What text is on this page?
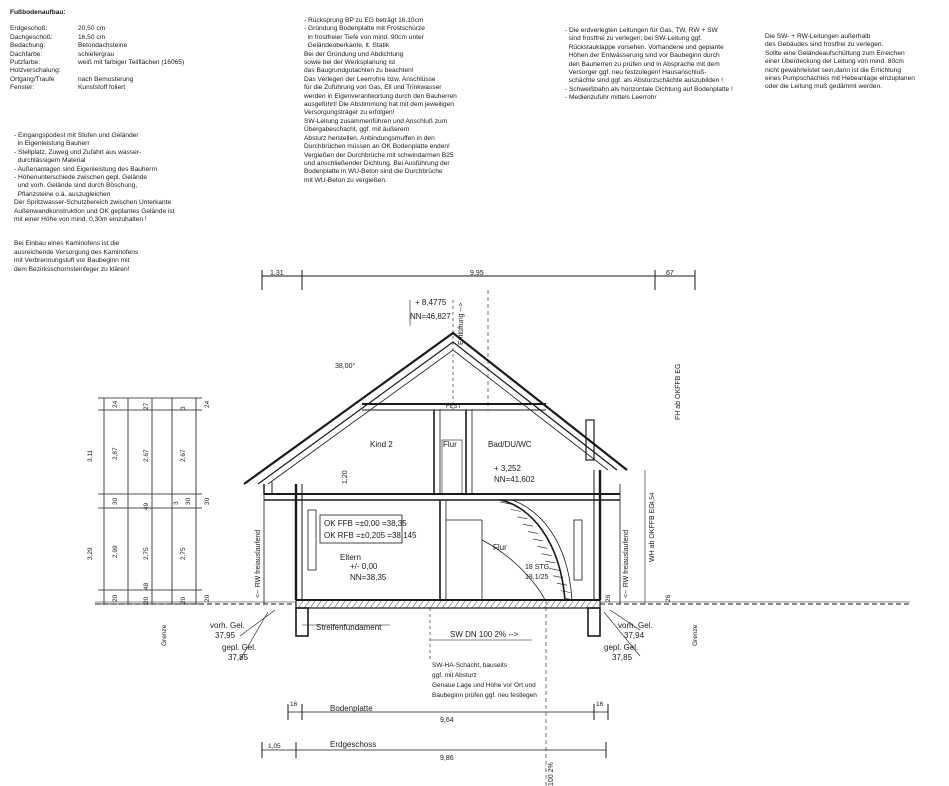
Fußbodenaufbau:
Erdgeschoß:	20,50 cm
Dachgeschoß:	16,50 cm
Bedachung:	Betondachsteine
Dachfarbe:	schiefergrau
Putzfarbe:	weiß mit farbiger Teilflächen (16065)
Holzverschalung:	
Ortgang/Traufe	nach Bemusterung
Fenster:	Kunststoff foliert
- Eingangspodest mit Stufen und Geländer
in Eigenleistung Bauherr
- Stellplatz, Zuweg und Zufahrt aus wasser-
durchlässigem Material
- Außenanlagen sind Eigenleistung des Bauherrn
- Höhenunterschiede zwischen gepl. Gelände
und vorh. Gelände sind durch Böschung,
Pflanzsteine o.ä. auszugleichen
Der Spritzwasser-Schutzbereich zwischen Unterkante
Außenwandkonstruktion und OK geplantes Gelände ist
mit einer Höhe von mind. 0,30m einzuhalten !
Bei Einbau eines Kaminofens ist die
ausreichende Versorgung des Kaminofens
mit Verbrennungsluft vor Baubeginn mit
dem Bezirksschornsteinfeger zu klären!
- Rücksprung BP zu EG beträgt 16,10cm
- Gründung Bodenplatte mit Frostschürze
in frostfreier Tiefe von mind. 90cm unter
Geländeoberkante, lt. Statik
Bei der Gründung und Abdichtung
sowie bei der Werksplanung ist
das Baugrundgutachten zu beachten!
Das Verlegen der Leerrohre bzw. Anschlüsse
für die Zuführung von Gas, Ell und Trinkwasser
werden in Eigenverantwortung durch den Bauherren
ausgeführt! Die Abstimmung hat mit dem jeweiligen
Versorgungsträger zu erfolgen!
SW-Leitung zusammenführen und Anschluß zum
Übergabeschacht, ggf. mit äußerem
Absturz herstellen. Anbindungsmuffen in den
Durchbrüchen müssen an OK Bodenplatte enden!
Vergießen der Durchbrüche mit schwindarmen B25
und anschließender Dichtung. Bei Ausführung der
Bodenplatte in WU-Beton sind die Durchbrüche
mit WU-Beton zu vergießen.
- Die erdverlegten Leitungen für Gas, TW, RW + SW
sind frostfrei zu verlegen; bei SW-Leitung ggf.
Rückstauklappe vorsehen. Vorhandene und geplante
Höhen der Entwässerung sind vor Baubeginn durch
den Bauherren zu prüfen und in Absprache mit dem
Versorger ggf. neu festzulegen! Hausanschluß-
schächte sind ggf. als Absturzschächte auszubilden !
- Schweißbahn als horizontale Dichtung auf Bodenplatte !
- Medienzufuhr mittels Leerrohr
Die SW- + RW-Leitungen außerhalb
des Gebäudes sind frostfrei zu verlegen.
Sollte eine Geländeaufschüttung zum Erreichen
einer Überdeckung der Leitung von mind. 80cm
nicht gewährleistet sein,dann ist die Errichtung
eines Pumpschachtes mit Hebeanlage einzuplanen
oder die Leitung muß gedämmt werden.
1,31	9,95	67
+ 8,4775
NN=46,827 Entlüftung -->
38,00°
FEST
Kind 2	Flur	Bad/DU/WC
+ 3,252
NN=41,602
1,20
OK FFB =±0,00 =38,35
OK RFB =±0,205 =38,145
Eltern
Flur
+/- 0,00
NN=38,35
18 STG.
18,1/25
3,11
3,29
24
2,87
30
2,99
20
27
2,67
49
2,75
48
20
3
2,67
3 30
2,75
20
24
30
20
<-- RW freiauslaufend	<-- RW freiauslaufend
FH ab OKFFB EG
WH ab OKFFB EG
4,54
26	26
Grenze	Grenze
vorh. Gel.
37,95
gepl. Gel.
37,85
vorh. Gel.
37,94
gepl. Gel.
37,85
Streifenfundament
SW DN 100 2% -->
SW-HA-Schacht, bauseits
ggf. mit Absturz
Genaue Lage und Höhe vor Ort und
Baubeginn prüfen ggf. neu festlegen
Bodenplatte
16
9,64
16
Erdgeschoss
1,05
9,86
100 2%
